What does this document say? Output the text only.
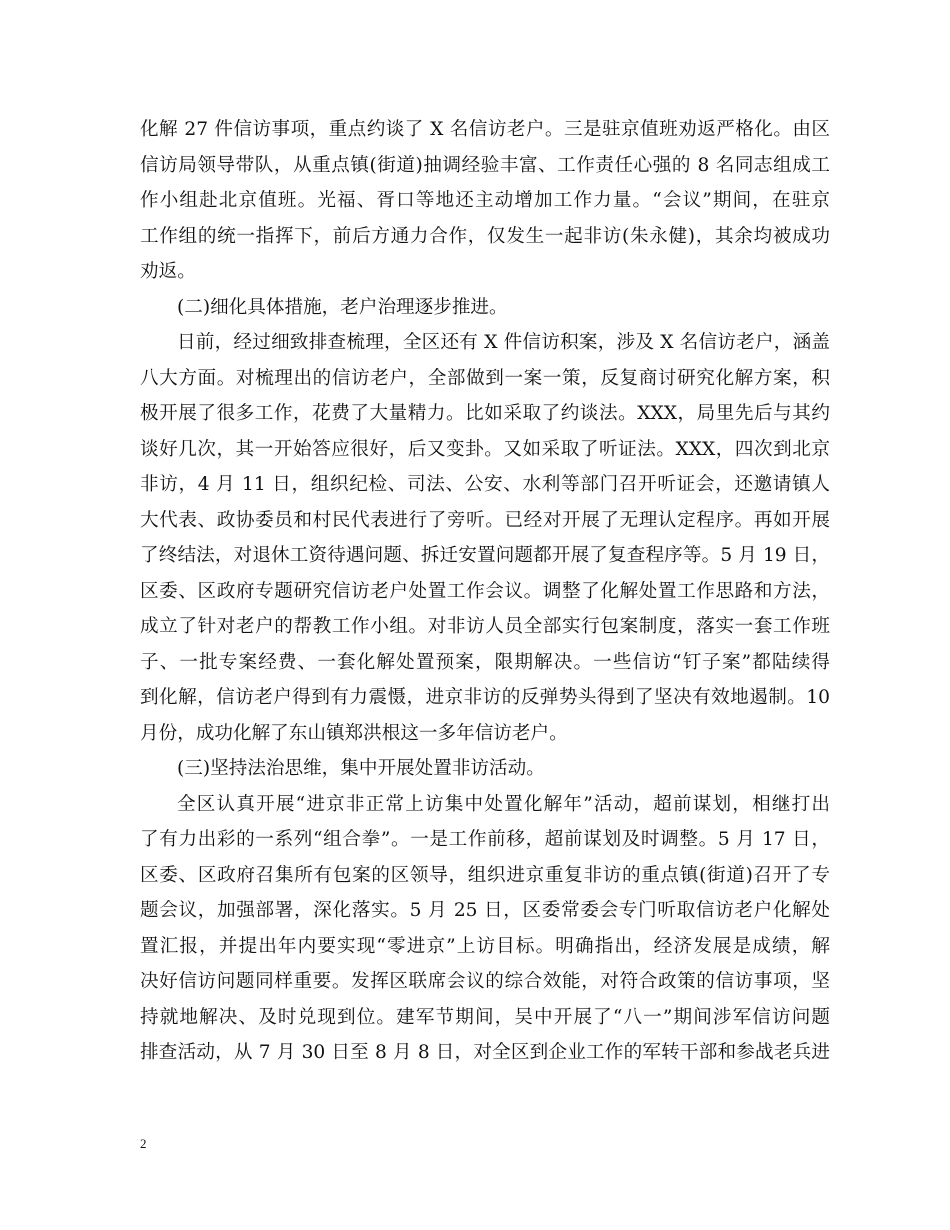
化解 27 件信访事项，重点约谈了 X 名信访老户。三是驻京值班劝返严格化。由区
信访局领导带队，从重点镇(街道)抽调经验丰富、工作责任心强的 8 名同志组成工
作小组赴北京值班。光福、胥口等地还主动增加工作力量。“会议”期间，在驻京
工作组的统一指挥下，前后方通力合作，仅发生一起非访(朱永健)，其余均被成功
劝返。
(二)细化具体措施，老户治理逐步推进。
日前，经过细致排查梳理，全区还有 X 件信访积案，涉及 X 名信访老户，涵盖
八大方面。对梳理出的信访老户，全部做到一案一策，反复商讨研究化解方案，积
极开展了很多工作，花费了大量精力。比如采取了约谈法。XXX，局里先后与其约
谈好几次，其一开始答应很好，后又变卦。又如采取了听证法。XXX，四次到北京
非访，4 月 11 日，组织纪检、司法、公安、水利等部门召开听证会，还邀请镇人
大代表、政协委员和村民代表进行了旁听。已经对开展了无理认定程序。再如开展
了终结法，对退休工资待遇问题、拆迁安置问题都开展了复查程序等。5 月 19 日，
区委、区政府专题研究信访老户处置工作会议。调整了化解处置工作思路和方法，
成立了针对老户的帮教工作小组。对非访人员全部实行包案制度，落实一套工作班
子、一批专案经费、一套化解处置预案，限期解决。一些信访“钉子案”都陆续得
到化解，信访老户得到有力震慑，进京非访的反弹势头得到了坚决有效地遏制。10
月份，成功化解了东山镇郑洪根这一多年信访老户。
(三)坚持法治思维，集中开展处置非访活动。
全区认真开展“进京非正常上访集中处置化解年”活动，超前谋划，相继打出
了有力出彩的一系列“组合拳”。一是工作前移，超前谋划及时调整。5 月 17 日，
区委、区政府召集所有包案的区领导，组织进京重复非访的重点镇(街道)召开了专
题会议，加强部署，深化落实。5 月 25 日，区委常委会专门听取信访老户化解处
置汇报，并提出年内要实现“零进京”上访目标。明确指出，经济发展是成绩，解
决好信访问题同样重要。发挥区联席会议的综合效能，对符合政策的信访事项，坚
持就地解决、及时兑现到位。建军节期间，吴中开展了“八一”期间涉军信访问题
排查活动，从 7 月 30 日至 8 月 8 日，对全区到企业工作的军转干部和参战老兵进
2
